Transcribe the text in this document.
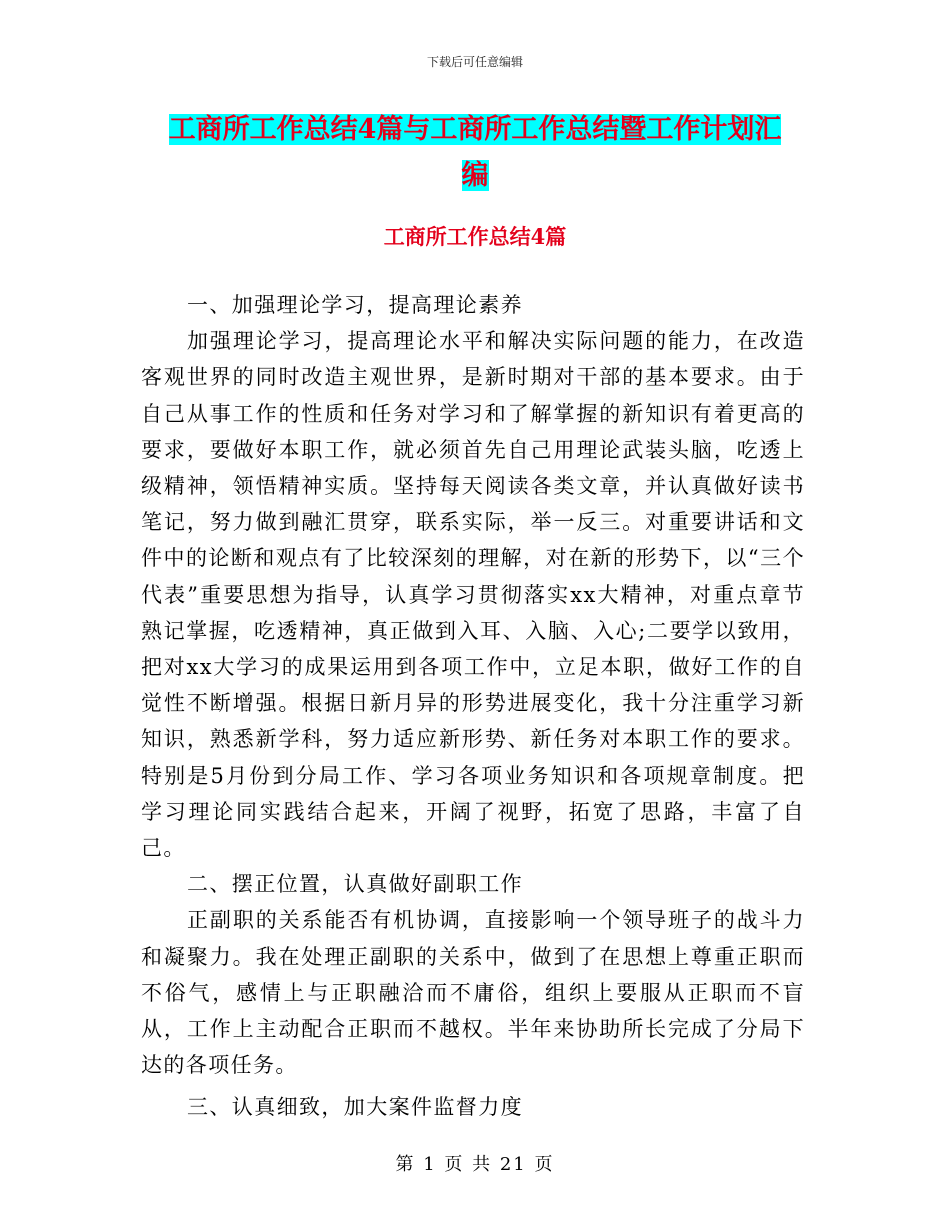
下载后可任意编辑
工商所工作总结4篇与工商所工作总结暨工作计划汇
编
工商所工作总结4篇

一、加强理论学习，提高理论素养

加强理论学习，提高理论水平和解决实际问题的能力，在改造客观世界的同时改造主观世界，是新时期对干部的基本要求。由于自己从事工作的性质和任务对学习和了解掌握的新知识有着更高的要求，要做好本职工作，就必须首先自己用理论武装头脑，吃透上级精神，领悟精神实质。坚持每天阅读各类文章，并认真做好读书笔记，努力做到融汇贯穿，联系实际，举一反三。对重要讲话和文件中的论断和观点有了比较深刻的理解，对在新的形势下，以“三个代表”重要思想为指导，认真学习贯彻落实xx大精神，对重点章节熟记掌握，吃透精神，真正做到入耳、入脑、入心;二要学以致用，把对xx大学习的成果运用到各项工作中，立足本职，做好工作的自觉性不断增强。根据日新月异的形势进展变化，我十分注重学习新知识，熟悉新学科，努力适应新形势、新任务对本职工作的要求。特别是5月份到分局工作、学习各项业务知识和各项规章制度。把学习理论同实践结合起来，开阔了视野，拓宽了思路，丰富了自己。

二、摆正位置，认真做好副职工作

正副职的关系能否有机协调，直接影响一个领导班子的战斗力和凝聚力。我在处理正副职的关系中，做到了在思想上尊重正职而不俗气，感情上与正职融洽而不庸俗，组织上要服从正职而不盲从，工作上主动配合正职而不越权。半年来协助所长完成了分局下达的各项任务。

三、认真细致，加大案件监督力度

第 1 页 共 21 页
